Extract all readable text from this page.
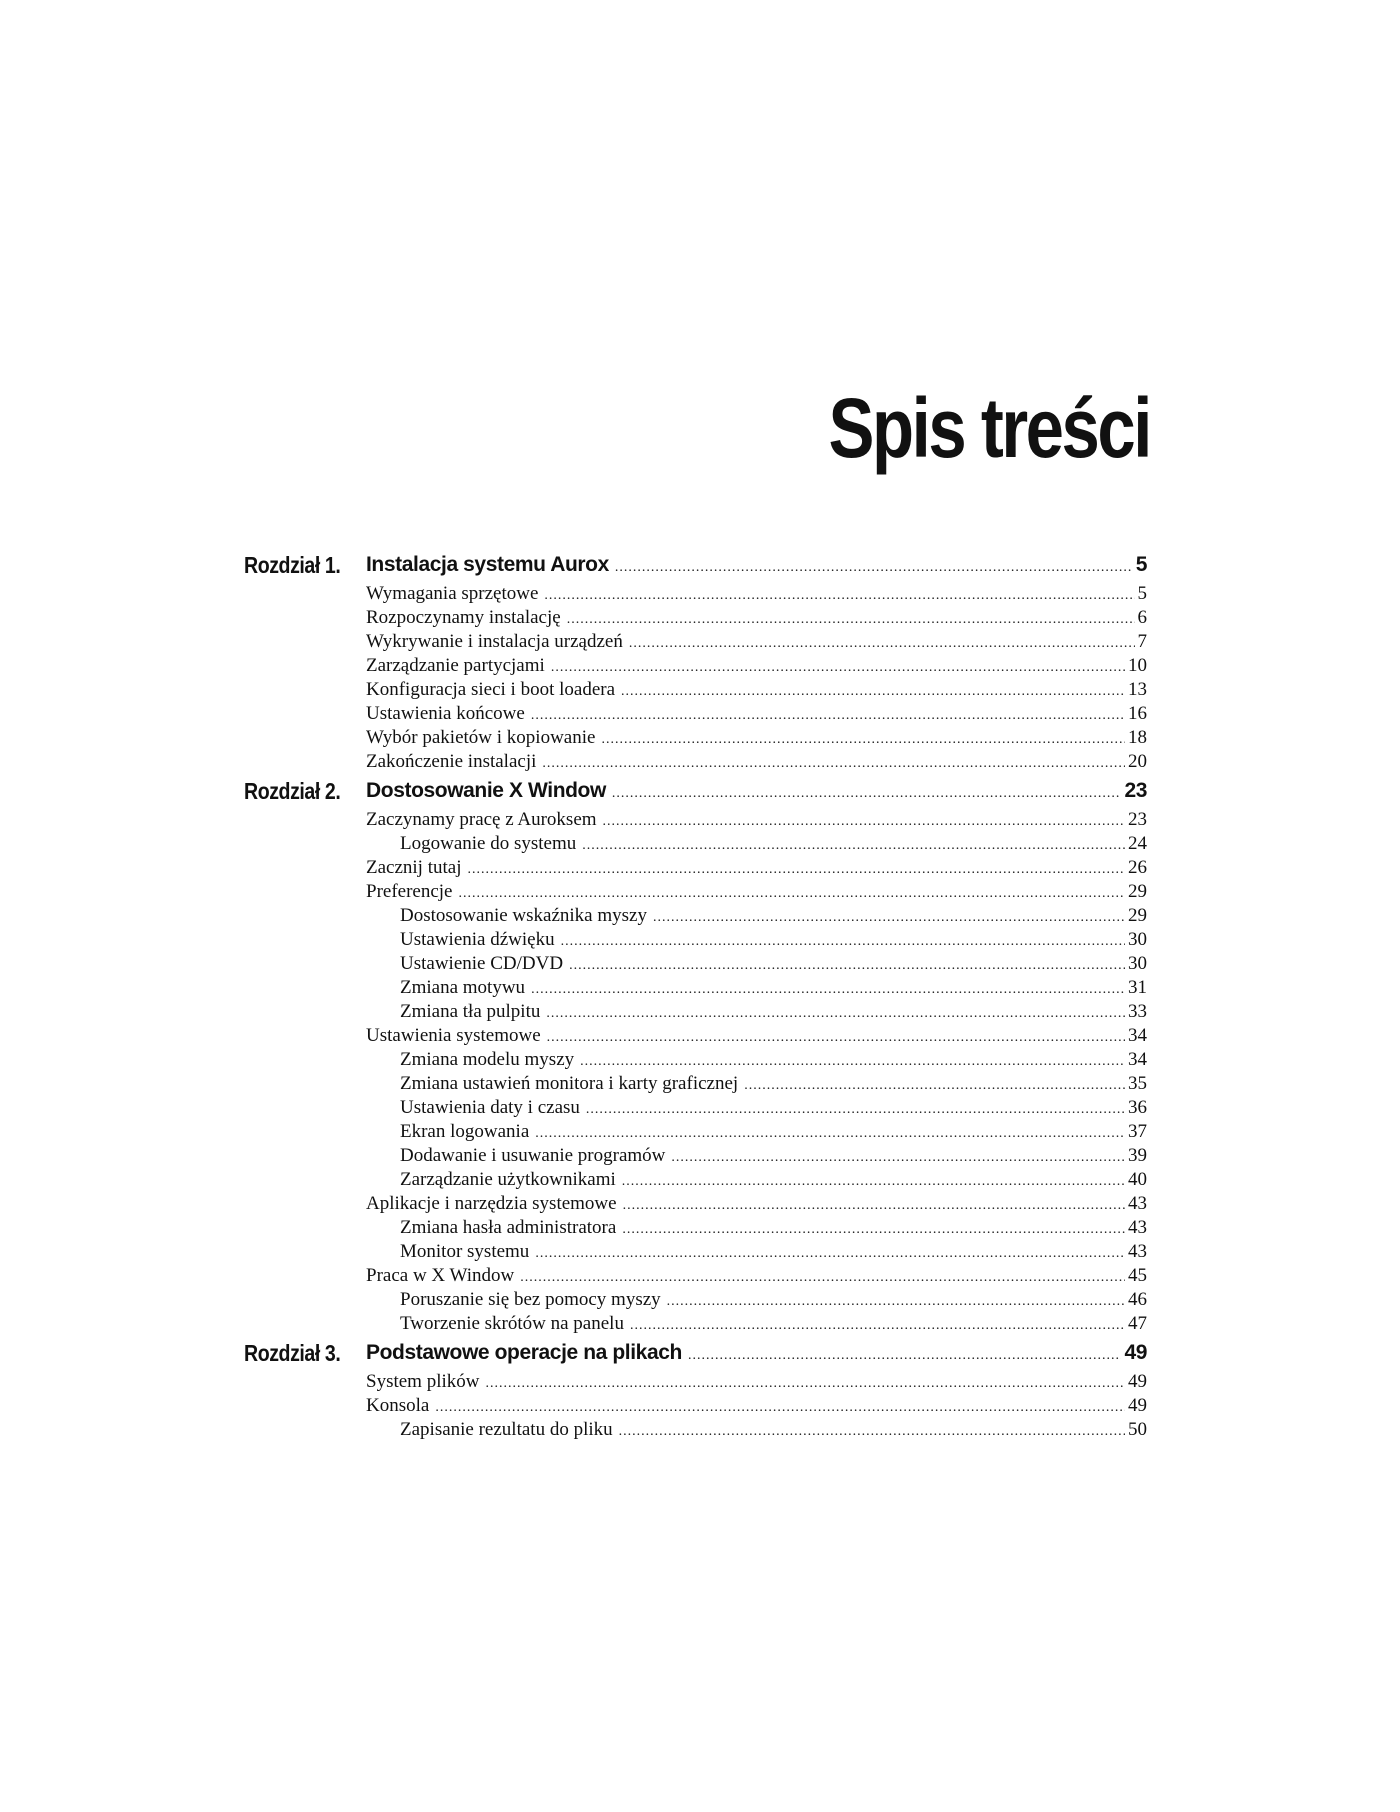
Spis treści
Rozdział 1. Instalacja systemu Aurox .....	5
Wymagania sprzętowe .....	5
Rozpoczynamy instalację .....	6
Wykrywanie i instalacja urządzeń .....	7
Zarządzanie partycjami .....	10
Konfiguracja sieci i boot loadera .....	13
Ustawienia końcowe .....	16
Wybór pakietów i kopiowanie .....	18
Zakończenie instalacji .....	20
Rozdział 2. Dostosowanie X Window .....	23
Zaczynamy pracę z Auroksem .....	23
Logowanie do systemu .....	24
Zacznij tutaj .....	26
Preferencje .....	29
Dostosowanie wskaźnika myszy .....	29
Ustawienia dźwięku .....	30
Ustawienie CD/DVD .....	30
Zmiana motywu .....	31
Zmiana tła pulpitu .....	33
Ustawienia systemowe .....	34
Zmiana modelu myszy .....	34
Zmiana ustawień monitora i karty graficznej .....	35
Ustawienia daty i czasu .....	36
Ekran logowania .....	37
Dodawanie i usuwanie programów .....	39
Zarządzanie użytkownikami .....	40
Aplikacje i narzędzia systemowe .....	43
Zmiana hasła administratora .....	43
Monitor systemu .....	43
Praca w X Window .....	45
Poruszanie się bez pomocy myszy .....	46
Tworzenie skrótów na panelu .....	47
Rozdział 3. Podstawowe operacje na plikach .....	49
System plików .....	49
Konsola .....	49
Zapisanie rezultatu do pliku .....	50
